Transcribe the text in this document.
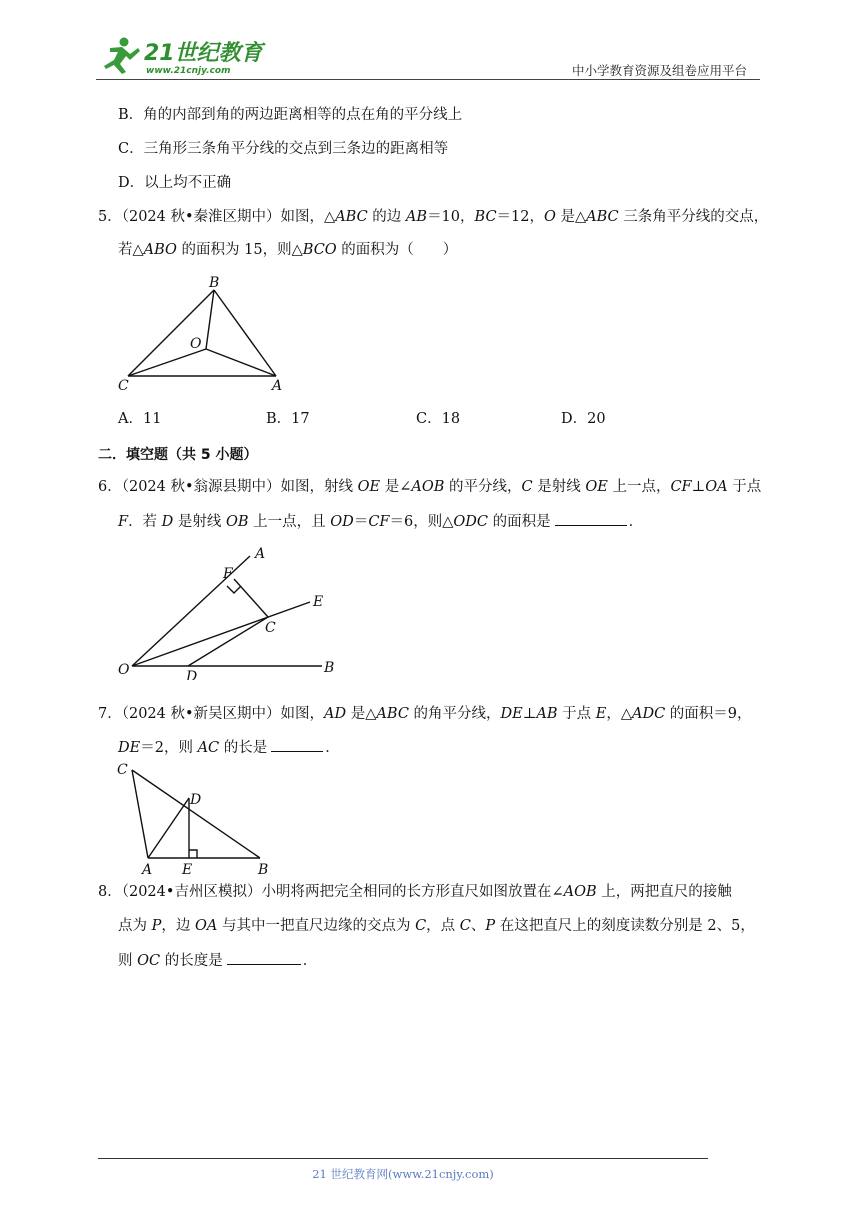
21世纪教育
www.21cnjy.com	中小学教育资源及组卷应用平台
B．角的内部到角的两边距离相等的点在角的平分线上
C．三角形三条角平分线的交点到三条边的距离相等
D．以上均不正确
5．（2024 秋•秦淮区期中）如图，△ABC 的边 AB＝10，BC＝12，O 是△ABC 三条角平分线的交点，
若△ABO 的面积为 15，则△BCO 的面积为（　　）
B
O
C	A
A．11	B．17	C．18	D．20
二．填空题（共 5 小题）
6．（2024 秋•翁源县期中）如图，射线 OE 是∠AOB 的平分线，C 是射线 OE 上一点，CF⊥OA 于点
F．若 D 是射线 OB 上一点，且 OD＝CF＝6，则△ODC 的面积是	．
A
F
E
C
O	D
B
7．（2024 秋•新吴区期中）如图，AD 是△ABC 的角平分线，DE⊥AB 于点 E，△ADC 的面积＝9，
DE＝2，则 AC 的长是	．
C
D
A E	B
8．（2024•吉州区模拟）小明将两把完全相同的长方形直尺如图放置在∠AOB 上，两把直尺的接触
点为 P，边 OA 与其中一把直尺边缘的交点为 C，点 C、P 在这把直尺上的刻度读数分别是 2、5，
则 OC 的长度是	．
21 世纪教育网(www.21cnjy.com)
